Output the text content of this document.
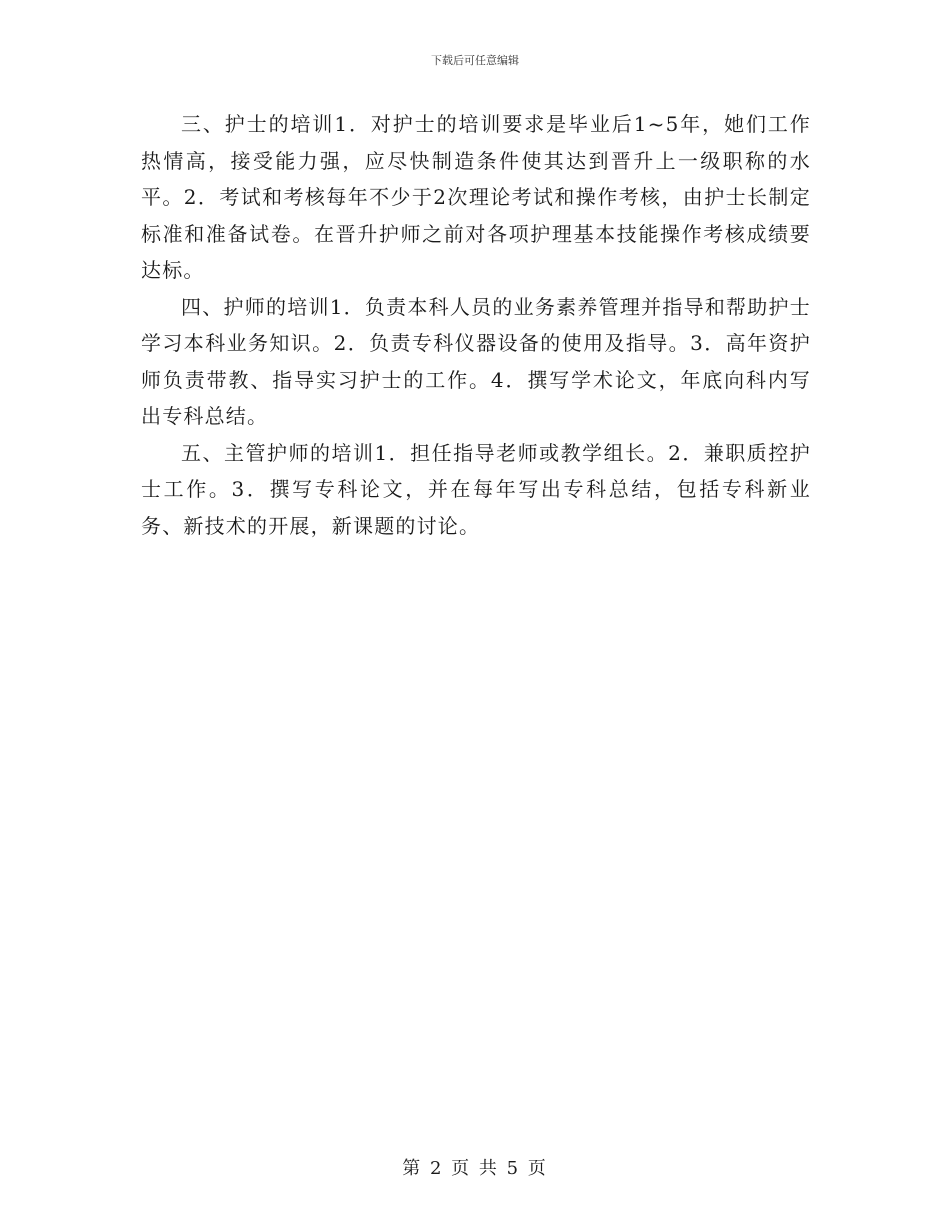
下载后可任意编辑

三、护士的培训1．对护士的培训要求是毕业后1~5年，她们工作热情高，接受能力强，应尽快制造条件使其达到晋升上一级职称的水平。2．考试和考核每年不少于2次理论考试和操作考核，由护士长制定标准和准备试卷。在晋升护师之前对各项护理基本技能操作考核成绩要达标。

四、护师的培训1．负责本科人员的业务素养管理并指导和帮助护士学习本科业务知识。2．负责专科仪器设备的使用及指导。3．高年资护师负责带教、指导实习护士的工作。4．撰写学术论文，年底向科内写出专科总结。

五、主管护师的培训1．担任指导老师或教学组长。2．兼职质控护士工作。3．撰写专科论文，并在每年写出专科总结，包括专科新业务、新技术的开展，新课题的讨论。

第 2 页 共 5 页
